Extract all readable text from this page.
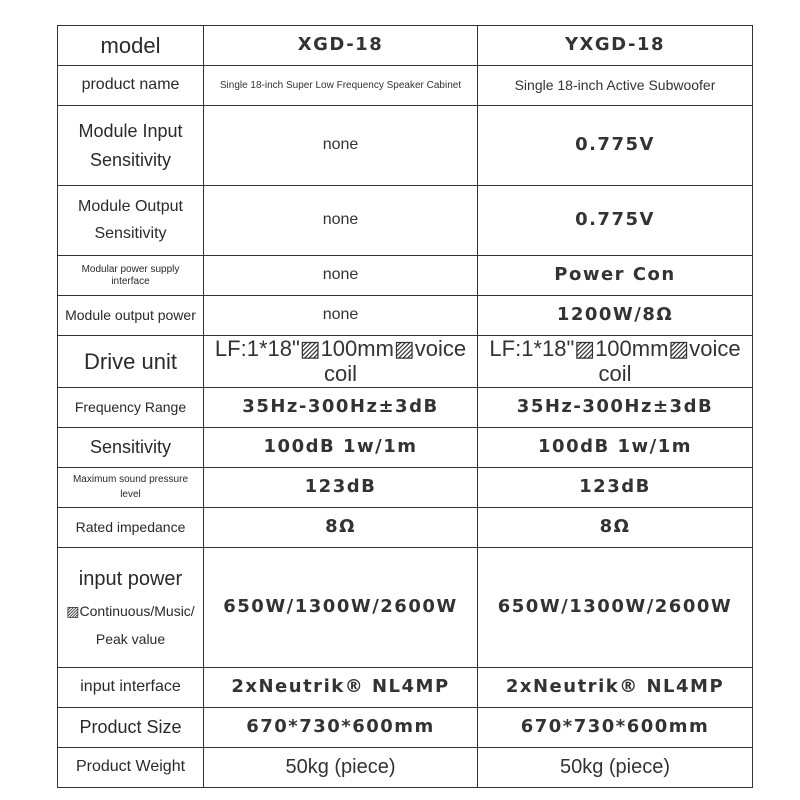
model	XGD-18	YXGD-18
product name	Single 18-inch Super Low Frequency Speaker Cabinet	Single 18-inch Active Subwoofer

Module Input
Sensitivity	none	0.775V

Module Output
Sensitivity	none	0.775V
Modular power supply interface	none	Power Con
Module output power	none	1200W/8Ω
Drive unit	LF:1*18"▨100mm▨voice coil	LF:1*18"▨100mm▨voice coil
Frequency Range	35Hz-300Hz±3dB	35Hz-300Hz±3dB
Sensitivity	100dB 1w/1m	100dB 1w/1m

Maximum sound pressure
level	123dB	123dB
Rated impedance	8Ω	8Ω

input power
▨Continuous/Music/
Peak value	650W/1300W/2600W	650W/1300W/2600W
input interface	2xNeutrik® NL4MP	2xNeutrik® NL4MP
Product Size	670*730*600mm	670*730*600mm
Product Weight	50kg (piece)	50kg (piece)
